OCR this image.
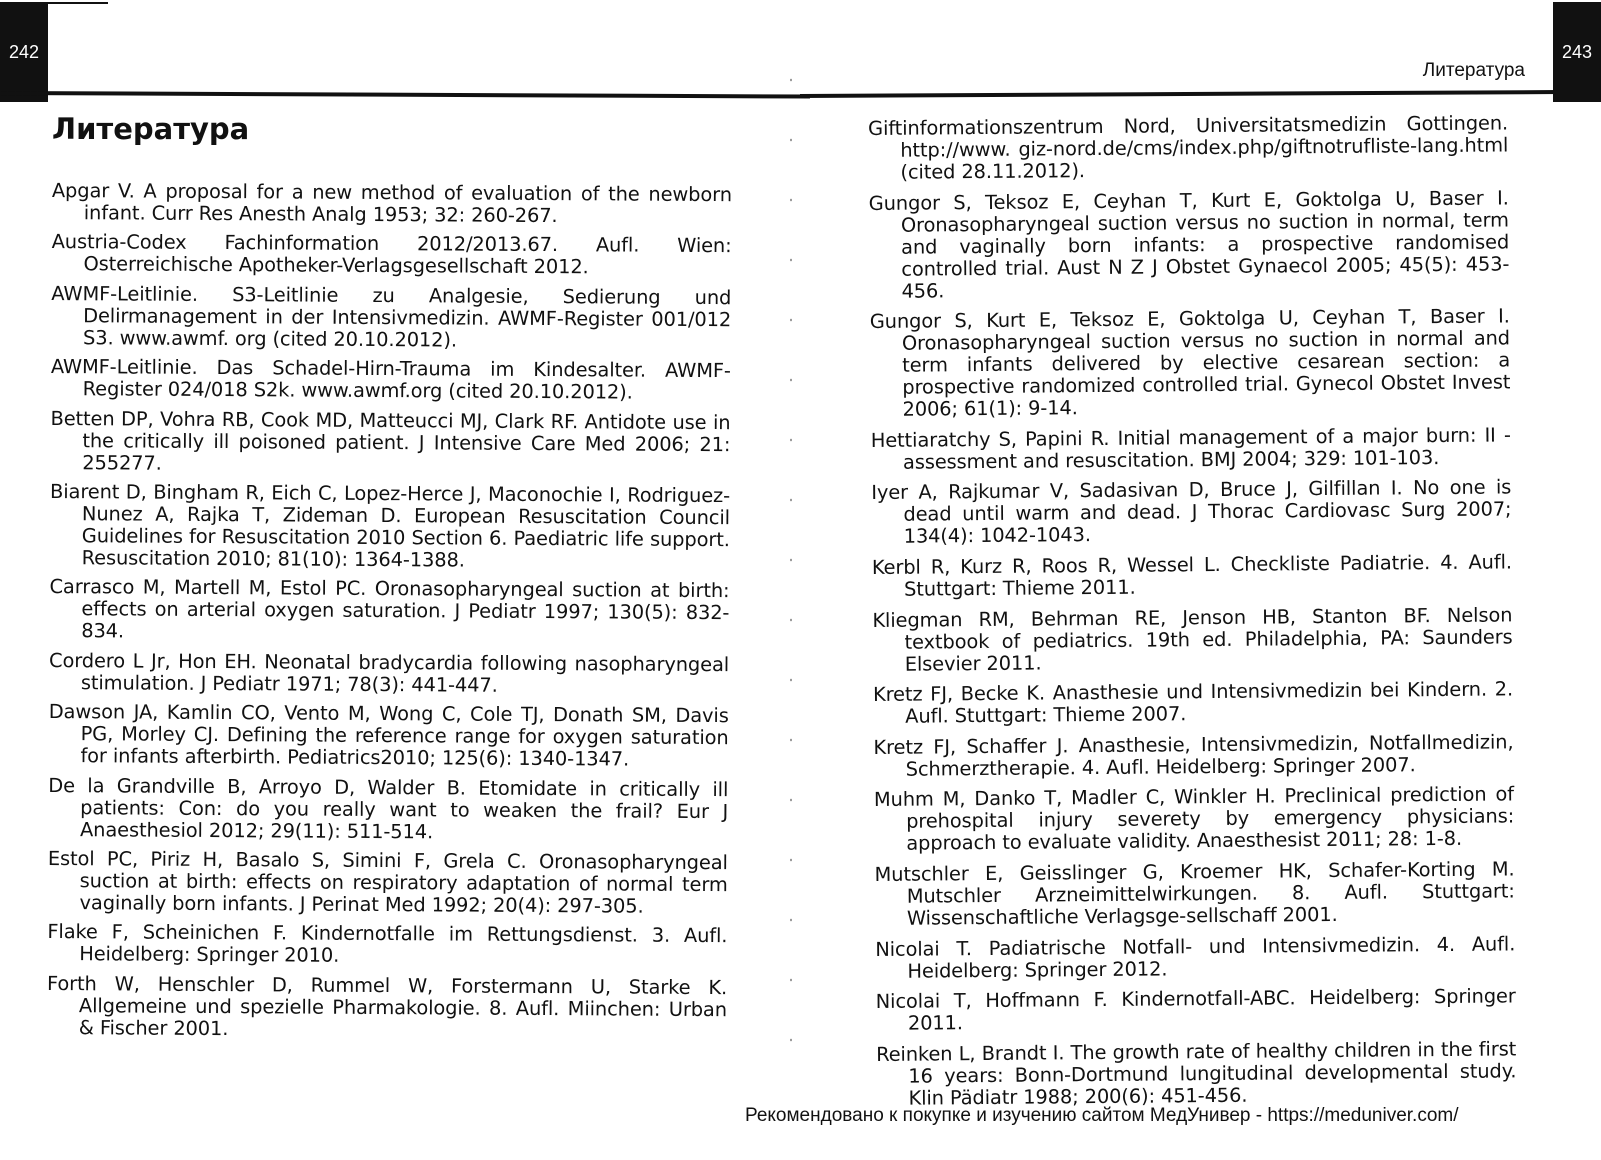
242	243
Литература
Литература

Apgar V. A proposal for a new method of evaluation of the newborn infant. Curr Res Anesth Analg 1953; 32: 260-267.

Austria-Codex Fachinformation 2012/2013.67. Aufl. Wien: Osterreichische Apotheker-Verlagsgesellschaft 2012.

AWMF-Leitlinie. S3-Leitlinie zu Analgesie, Sedierung und Delirmanagement in der Intensivmedizin. AWMF-Register 001/012 S3. www.awmf. org (cited 20.10.2012).

AWMF-Leitlinie. Das Schadel-Hirn-Trauma im Kindesalter. AWMF-Register 024/018 S2k. www.awmf.org (cited 20.10.2012).

Betten DP, Vohra RB, Cook MD, Matteucci MJ, Clark RF. Antidote use in the critically ill poisoned patient. J Intensive Care Med 2006; 21: 255277.

Biarent D, Bingham R, Eich C, Lopez-Herce J, Maconochie I, Rodriguez-Nunez A, Rajka T, Zideman D. European Resuscitation Council Guidelines for Resuscitation 2010 Section 6. Paediatric life support. Resuscitation 2010; 81(10): 1364-1388.

Carrasco M, Martell M, Estol PC. Oronasopharyngeal suction at birth: effects on arterial oxygen saturation. J Pediatr 1997; 130(5): 832-834.

Cordero L Jr, Hon EH. Neonatal bradycardia following nasopharyngeal stimulation. J Pediatr 1971; 78(3): 441-447.

Dawson JA, Kamlin CO, Vento M, Wong C, Cole TJ, Donath SM, Davis PG, Morley CJ. Defining the reference range for oxygen saturation for infants afterbirth. Pediatrics2010; 125(6): 1340-1347.

De la Grandville B, Arroyo D, Walder B. Etomidate in critically ill patients: Con: do you really want to weaken the frail? Eur J Anaesthesiol 2012; 29(11): 511-514.

Estol PC, Piriz H, Basalo S, Simini F, Grela C. Oronasopharyngeal suction at birth: effects on respiratory adaptation of normal term vaginally born infants. J Perinat Med 1992; 20(4): 297-305.

Flake F, Scheinichen F. Kindernotfalle im Rettungsdienst. 3. Aufl. Heidelberg: Springer 2010.

Forth W, Henschler D, Rummel W, Forstermann U, Starke K. Allgemeine und spezielle Pharmakologie. 8. Aufl. Miinchen: Urban & Fischer 2001.

Giftinformationszentrum Nord, Universitatsmedizin Gottingen. http://www. giz-nord.de/cms/index.php/giftnotrufliste-lang.html (cited 28.11.2012).

Gungor S, Teksoz E, Ceyhan T, Kurt E, Goktolga U, Baser I. Oronasopharyngeal suction versus no suction in normal, term and vaginally born infants: a prospective randomised controlled trial. Aust N Z J Obstet Gynaecol 2005; 45(5): 453-456.

Gungor S, Kurt E, Teksoz E, Goktolga U, Ceyhan T, Baser I. Oronasopharyngeal suction versus no suction in normal and term infants delivered by elective cesarean section: a prospective randomized controlled trial. Gynecol Obstet Invest 2006; 61(1): 9-14.

Hettiaratchy S, Papini R. Initial management of a major burn: II - assessment and resuscitation. BMJ 2004; 329: 101-103.

Iyer A, Rajkumar V, Sadasivan D, Bruce J, Gilfillan I. No one is dead until warm and dead. J Thorac Cardiovasc Surg 2007; 134(4): 1042-1043.

Kerbl R, Kurz R, Roos R, Wessel L. Checkliste Padiatrie. 4. Aufl. Stuttgart: Thieme 2011.

Kliegman RM, Behrman RE, Jenson HB, Stanton BF. Nelson textbook of pediatrics. 19th ed. Philadelphia, PA: Saunders Elsevier 2011.

Kretz FJ, Becke K. Anasthesie und Intensivmedizin bei Kindern. 2. Aufl. Stuttgart: Thieme 2007.

Kretz FJ, Schaffer J. Anasthesie, Intensivmedizin, Notfallmedizin, Schmerztherapie. 4. Aufl. Heidelberg: Springer 2007.

Muhm M, Danko T, Madler C, Winkler H. Preclinical prediction of prehospital injury severety by emergency physicians: approach to evaluate validity. Anaesthesist 2011; 28: 1-8.

Mutschler E, Geisslinger G, Kroemer HK, Schafer-Korting M. Mutschler Arzneimittelwirkungen. 8. Aufl. Stuttgart: Wissenschaftliche Verlagsge-sellschaff 2001.

Nicolai T. Padiatrische Notfall- und Intensivmedizin. 4. Aufl. Heidelberg: Springer 2012.

Nicolai T, Hoffmann F. Kindernotfall-ABC. Heidelberg: Springer 2011.

Reinken L, Brandt I. The growth rate of healthy children in the first 16 years: Bonn-Dortmund lungitudinal developmental study. Klin Pädiatr 1988; 200(6): 451-456.

Рекомендовано к покупке и изучению сайтом МедУнивер - https://meduniver.com/
